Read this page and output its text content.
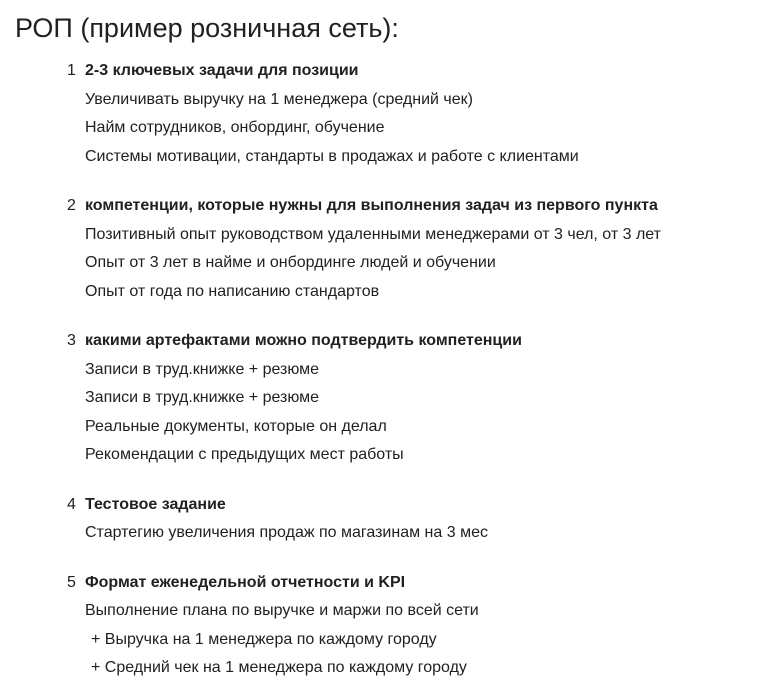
РОП (пример розничная сеть):
1 2-3 ключевых задачи для позиции
Увеличивать выручку на 1 менеджера (средний чек)
Найм сотрудников, онбординг, обучение
Системы мотивации, стандарты в продажах и работе с клиентами
2 компетенции, которые нужны для выполнения задач из первого пункта
Позитивный опыт руководством удаленными менеджерами от 3 чел, от 3 лет
Опыт от 3 лет в найме и онбординге людей и обучении
Опыт от года по написанию стандартов
3 какими артефактами можно подтвердить компетенции
Записи в труд.книжке + резюме
Записи в труд.книжке + резюме
Реальные документы, которые он делал
Рекомендации с предыдущих мест работы
4 Тестовое задание
Стартегию увеличения продаж по магазинам на 3 мес
5 Формат еженедельной отчетности и KPI
Выполнение плана по выручке и маржи по всей сети
+ Выручка на 1 менеджера по каждому городу
+ Средний чек на 1 менеджера по каждому городу
